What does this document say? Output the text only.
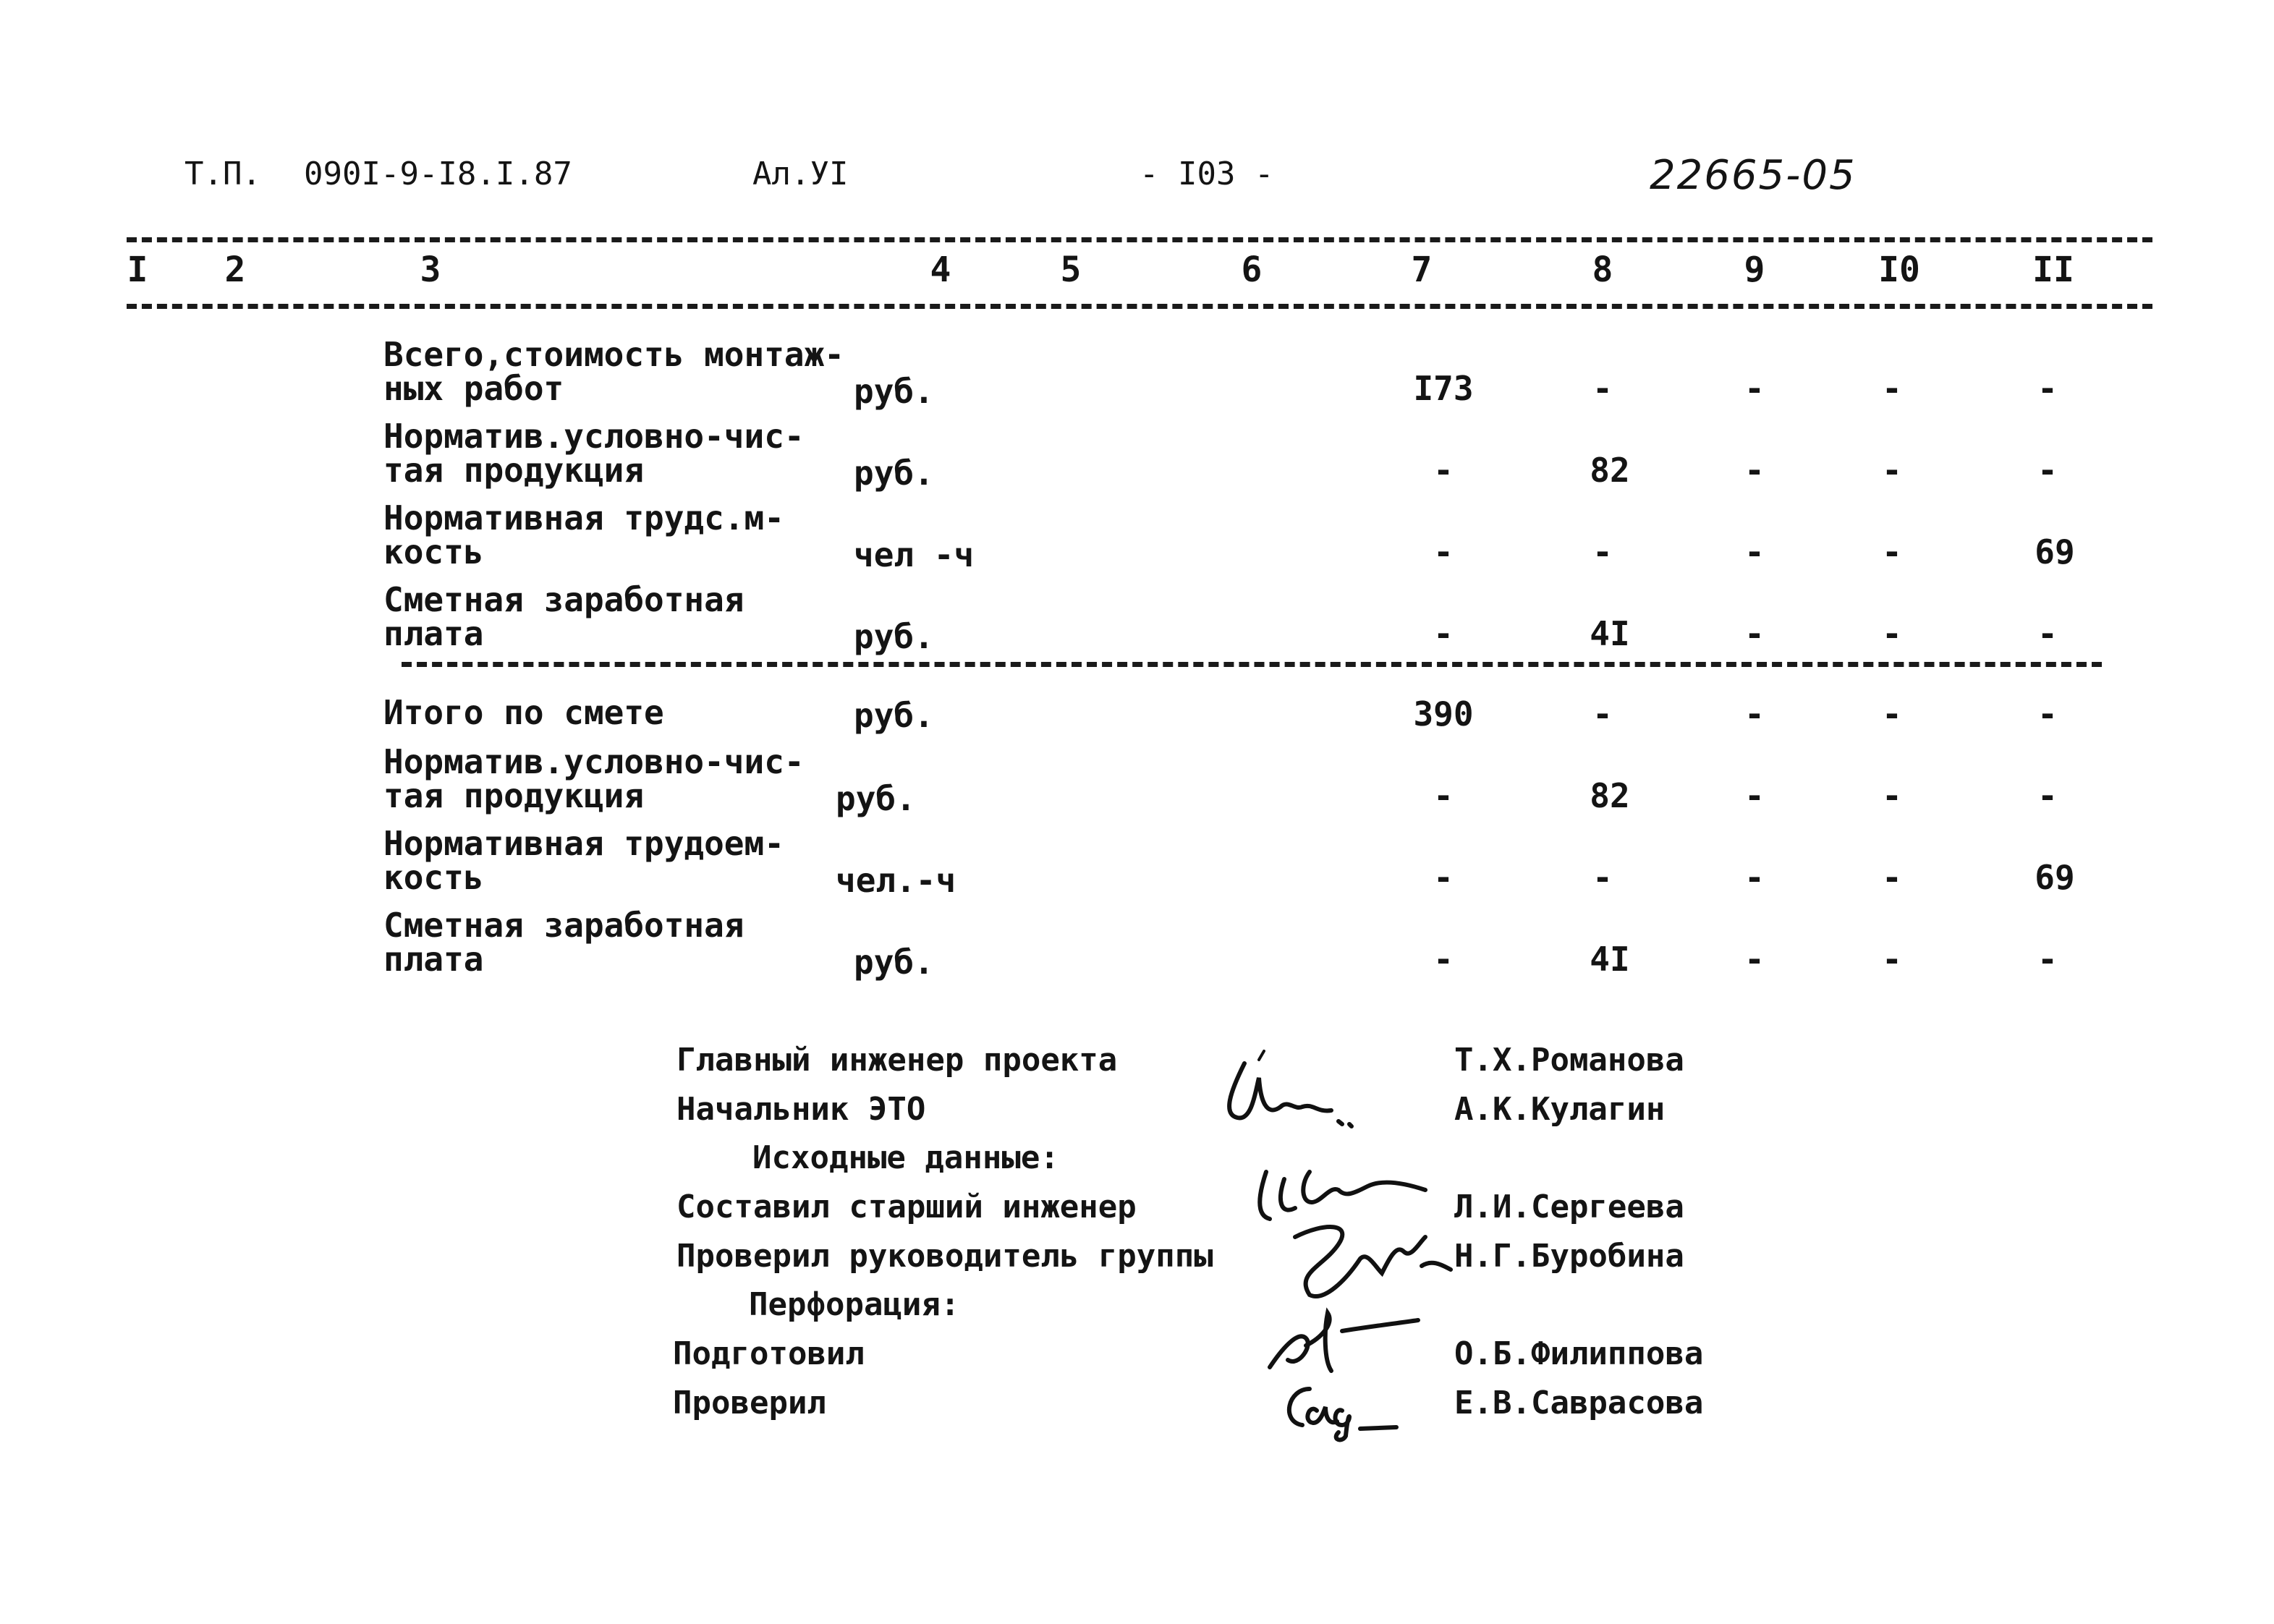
Т.П. 090I-9-I8.I.87	Ал.УI	- I03 -	22665-05
I 2	3	4	5	6	7	8	9	I0	II
Всего,стоимость монтаж-
ных работ	руб.	I73	-	-	-	-
Норматив.условно-чис-
тая продукция	руб.	-	82	-	-	-
Нормативная трудс.м-
кость	чел -ч	-	-	-	-	69
Сметная заработная
плата	руб.	-	4I	-	-	-
Итого по смете	руб.	390	-	-	-	-
Норматив.условно-чис-
тая продукция	руб.	-	82	-	-	-
Нормативная трудоем-
кость	чел.-ч	-	-	-	-	69
Сметная заработная
плата	руб.	-	4I	-	-	-
Главный инженер проекта	Т.Х.Романова
Начальник ЭТО	А.К.Кулагин
Исходные данные:
Составил старший инженер	Л.И.Сергеева
Проверил руководитель группы	Н.Г.Буробина
Перфорация:
Подготовил	О.Б.Филиппова
Проверил	Е.В.Савраcова
